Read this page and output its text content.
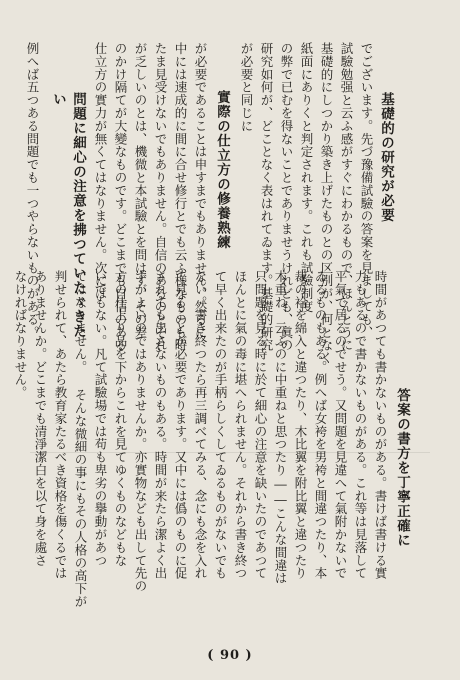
基礎的の研究が必要
でございます。先づ豫備試驗の答案を見ましても、
試驗勉强と云ふ感がすぐにわかるもので、ほんとうに
基礎的にしつかり築き上げたものとの区別が、何となく
紙面にありくと判定されます。これも試驗制度
の弊で已むを得ないことでありませうけれども、眞の
研究如何が、どことなく表はれてゐます。基礎的研究
が必要と同じに
實際の仕立方の修養熟練
が必要であることは申すまでもありません。然るに
中には速成的に間に合せ修行とでも云ふ様なものも時
たま見受けないでもありません。自信のあるのとそれ
が乏しいのとは、機微と本試驗とを問はず、その差
のかけ隔てが大變なものです。どこまでも自信のある
仕立方の實力が無くてはなりません。次には
問題に細心の注意を拂つていたゞきたい
例へば五つある問題でも一つやらないものがある。
答案の書方を丁寧正確に
時間があつても書かないものがある。書けば書ける實
力もあるので書かないものがある。これ等は見落して
平氣で居るのでせう。又問題を見違へて氣附かないで
ゐるものもある。例へば女袴を男袴と間違つたり、本
裁の袷を綿入と違つたり、木比翼を附比翼と違つたり
木重ね、云ふのに中重ねと思つたり――こんな間違は
只問題を見る時に於て細心の注意を缺いたのであつて
ほんとに氣の毒に堪へられません。それから書き終つ
て早く出来たのが手柄らしくしてゐるものがないでも
ない。書き終つたら再三調べてみる、念にも念を入れ
て見ることが必要であります。又中には僞のものに促
されても出さないものもある。時間が来たら潔よく出
すがよいのではありませんか。亦實物なども出して先の
方の仕上り品を下からこれを見てゆくものなどもな
いでもない。凡て試驗場では苟も卑劣の擧動があつ
てはなりません。 そんな微細の事にもその人格の高下が
判せられて、あたら教育家たるべき資格を傷くるでは
ありませんか。どこまでも清淨潔白を以て身を處さ
なければなりません。
( 90 )
